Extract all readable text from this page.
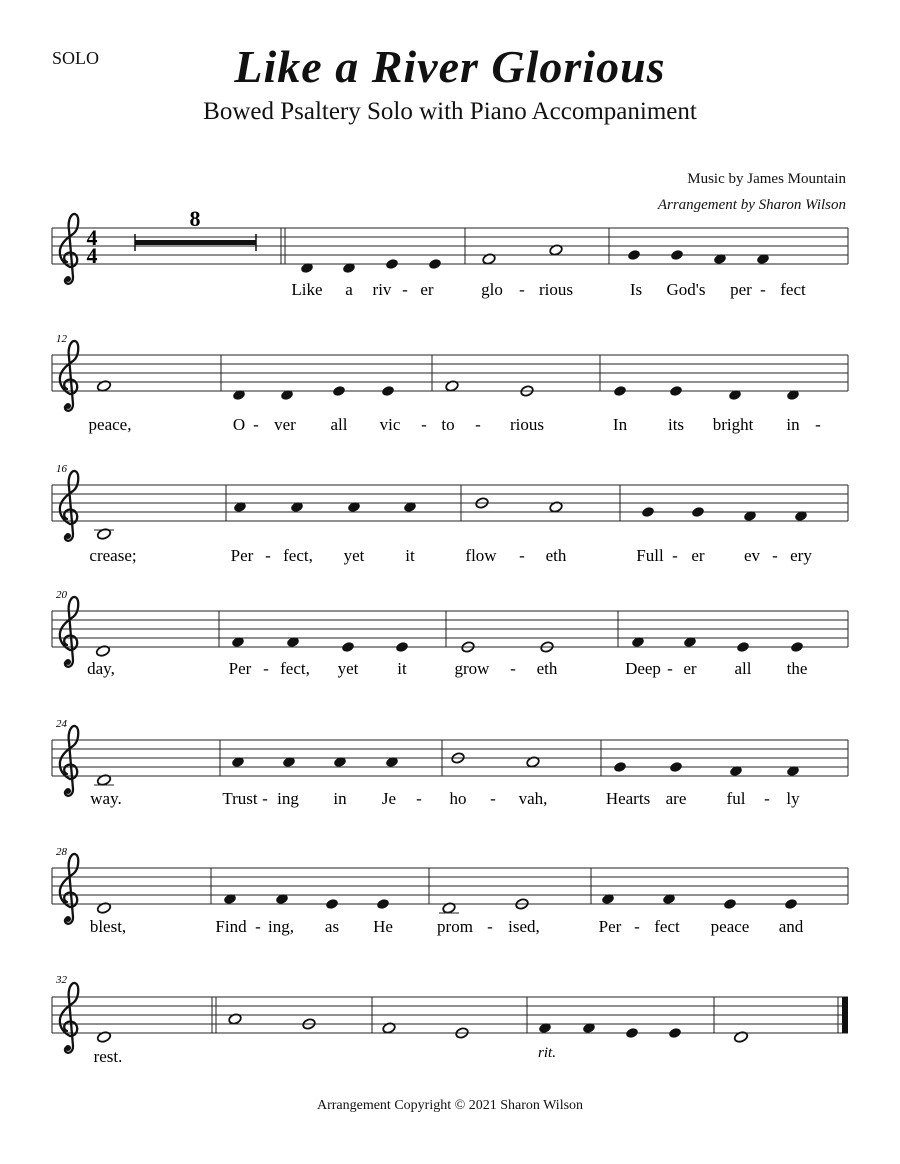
SOLO	Like a River Glorious
Bowed Psaltery Solo with Piano Accompaniment
Music by James Mountain
Arrangement by Sharon Wilson
4
4
8
Like a riv - er	glo - rious	Is God's per - fect
12
peace,	O - ver all vic - to - rious	In its bright in -
16
crease;	Per - fect, yet it	flow - eth	Full - er ev - ery
20
day,	Per - fect, yet it	grow - eth	Deep - er all the
24
way.	Trust - ing in Je - ho - vah,	Hearts are ful - ly
28
blest,	Find - ing, as He	prom - ised,	Per - fect peace and
32
rit.
rest.
Arrangement Copyright © 2021 Sharon Wilson
